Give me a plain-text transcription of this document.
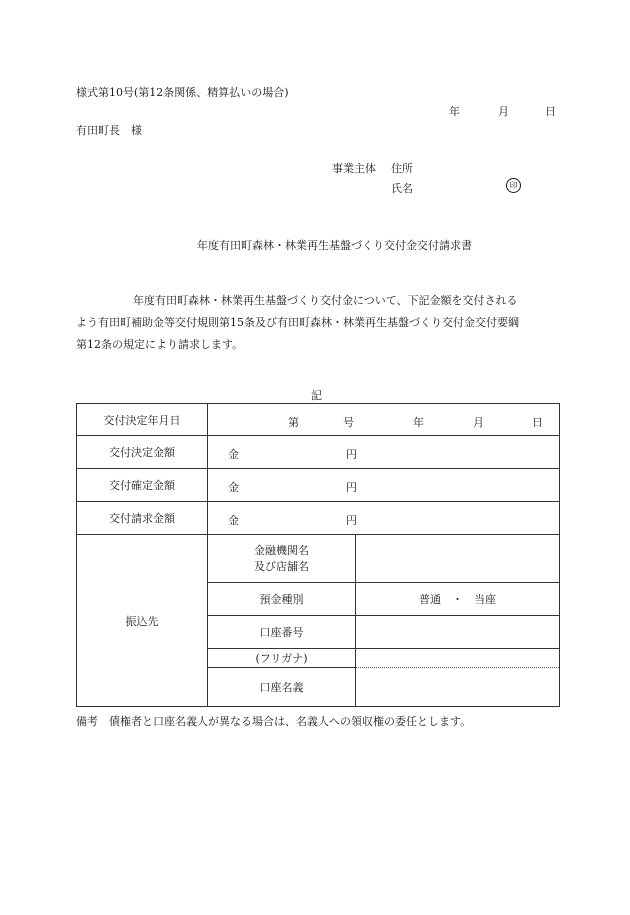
様式第10号(第12条関係、精算払いの場合)
年	月	日
有田町長　様
事業主体 住所
氏名	印
年度有田町森林・林業再生基盤づくり交付金交付請求書
年度有田町森林・林業再生基盤づくり交付金について、下記金額を交付される
よう有田町補助金等交付規則第15条及び有田町森林・林業再生基盤づくり交付金交付要綱
第12条の規定により請求します。
記
交付決定年月日	第 号 年 月 日	

交付決定金額	金 円	

交付確定金額	金 円	

交付請求金額	金 円	

振込先	金融機関名
及び店舗名	

	預金種別	普通　・　当座
	口座番号	
	(フリガナ)	
	口座名義	
備考　債権者と口座名義人が異なる場合は、名義人への領収権の委任とします。
